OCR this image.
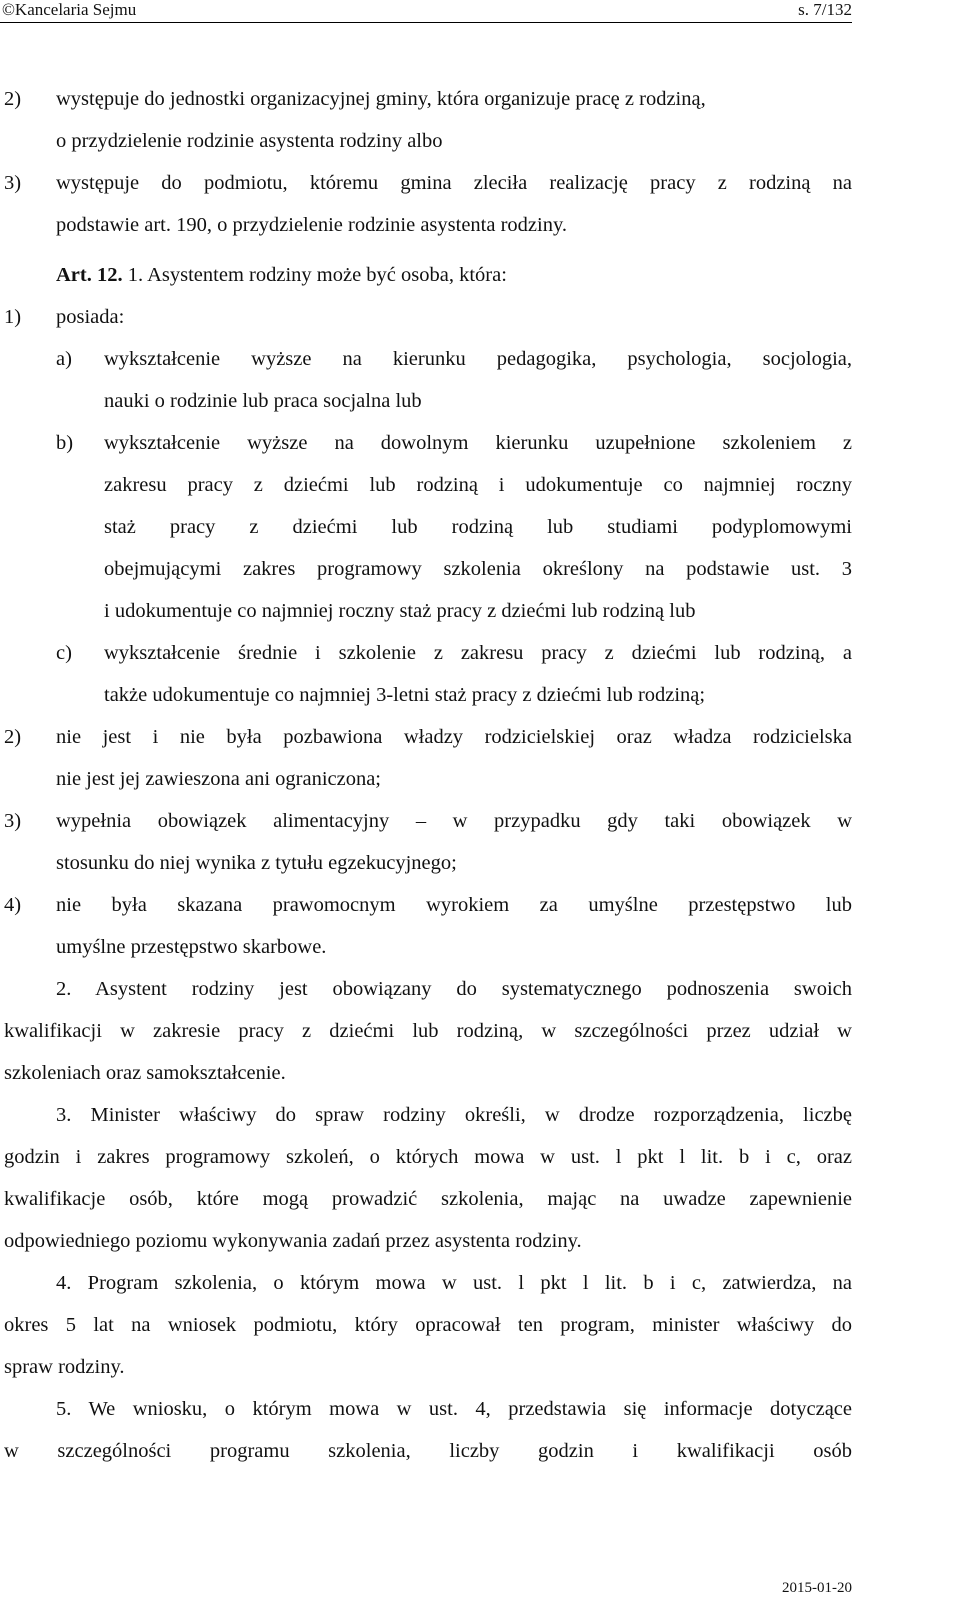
©Kancelaria Sejmu	s. 7/132
2) występuje do jednostki organizacyjnej gminy, która organizuje pracę z rodziną,
o przydzielenie rodzinie asystenta rodziny albo
3) występuje do podmiotu, któremu gmina zleciła realizację pracy z rodziną na
podstawie art. 190, o przydzielenie rodzinie asystenta rodziny.
Art. 12. 1. Asystentem rodziny może być osoba, która:
1) posiada:
a) wykształcenie wyższe na kierunku pedagogika, psychologia, socjologia,
nauki o rodzinie lub praca socjalna lub
b) wykształcenie wyższe na dowolnym kierunku uzupełnione szkoleniem z
zakresu pracy z dziećmi lub rodziną i udokumentuje co najmniej roczny
staż pracy z dziećmi lub rodziną lub studiami podyplomowymi
obejmującymi zakres programowy szkolenia określony na podstawie ust. 3
i udokumentuje co najmniej roczny staż pracy z dziećmi lub rodziną lub
c) wykształcenie średnie i szkolenie z zakresu pracy z dziećmi lub rodziną, a
także udokumentuje co najmniej 3-letni staż pracy z dziećmi lub rodziną;
2) nie jest i nie była pozbawiona władzy rodzicielskiej oraz władza rodzicielska
nie jest jej zawieszona ani ograniczona;
3) wypełnia obowiązek alimentacyjny – w przypadku gdy taki obowiązek w
stosunku do niej wynika z tytułu egzekucyjnego;
4) nie była skazana prawomocnym wyrokiem za umyślne przestępstwo lub
umyślne przestępstwo skarbowe.
2. Asystent rodziny jest obowiązany do systematycznego podnoszenia swoich
kwalifikacji w zakresie pracy z dziećmi lub rodziną, w szczególności przez udział w
szkoleniach oraz samokształcenie.
3. Minister właściwy do spraw rodziny określi, w drodze rozporządzenia, liczbę
godzin i zakres programowy szkoleń, o których mowa w ust. l pkt l lit. b i c, oraz
kwalifikacje osób, które mogą prowadzić szkolenia, mając na uwadze zapewnienie
odpowiedniego poziomu wykonywania zadań przez asystenta rodziny.
4. Program szkolenia, o którym mowa w ust. l pkt l lit. b i c, zatwierdza, na
okres 5 lat na wniosek podmiotu, który opracował ten program, minister właściwy do
spraw rodziny.
5. We wniosku, o którym mowa w ust. 4, przedstawia się informacje dotyczące
w szczególności programu szkolenia, liczby godzin i kwalifikacji osób
2015-01-20
